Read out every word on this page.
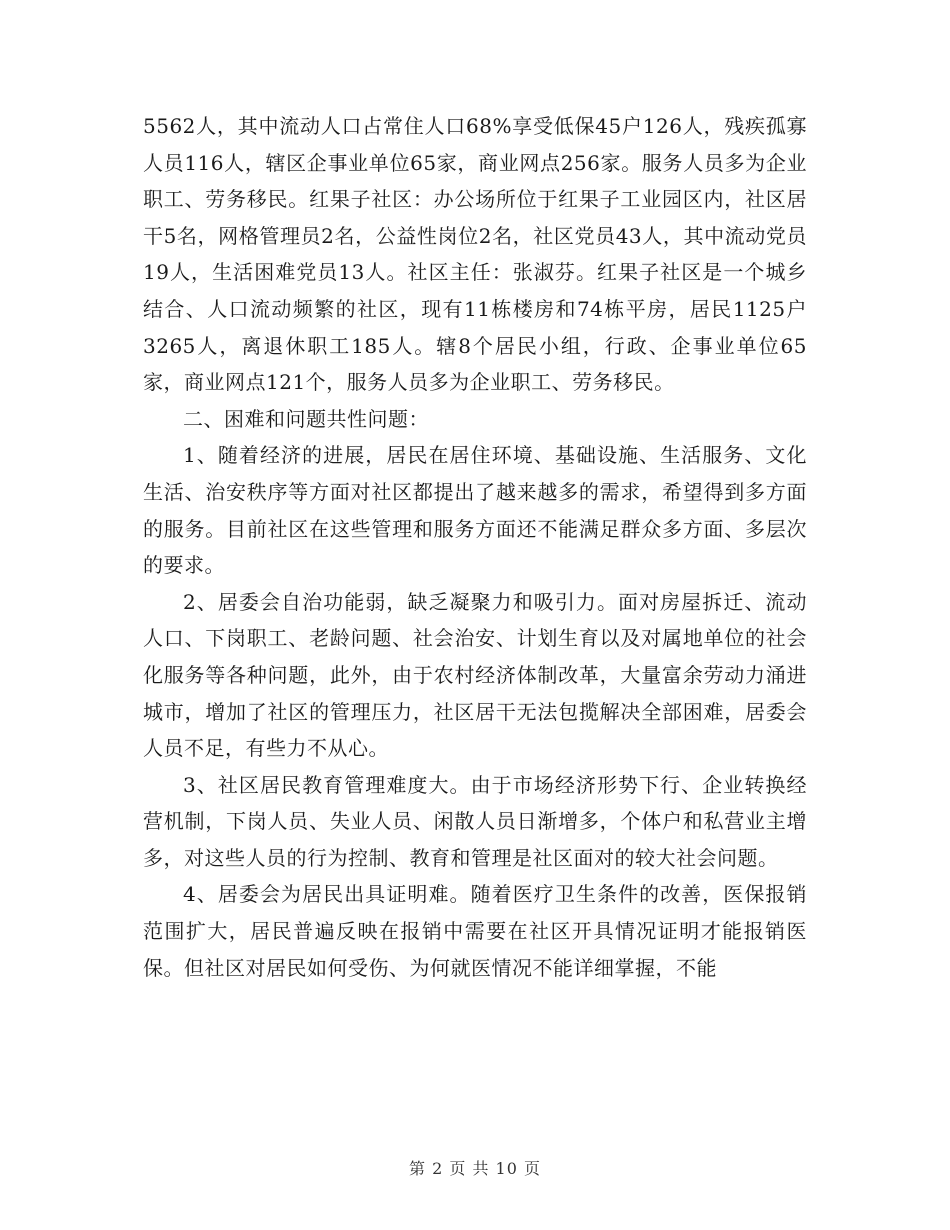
5562人，其中流动人口占常住人口68%享受低保45户126人，残疾孤寡人员116人，辖区企事业单位65家，商业网点256家。服务人员多为企业职工、劳务移民。红果子社区：办公场所位于红果子工业园区内，社区居干5名，网格管理员2名，公益性岗位2名，社区党员43人，其中流动党员19人，生活困难党员13人。社区主任：张淑芬。红果子社区是一个城乡结合、人口流动频繁的社区，现有11栋楼房和74栋平房，居民1125户3265人，离退休职工185人。辖8个居民小组，行政、企事业单位65家，商业网点121个，服务人员多为企业职工、劳务移民。

二、困难和问题共性问题：

1、随着经济的进展，居民在居住环境、基础设施、生活服务、文化生活、治安秩序等方面对社区都提出了越来越多的需求，希望得到多方面的服务。目前社区在这些管理和服务方面还不能满足群众多方面、多层次的要求。

2、居委会自治功能弱，缺乏凝聚力和吸引力。面对房屋拆迁、流动人口、下岗职工、老龄问题、社会治安、计划生育以及对属地单位的社会化服务等各种问题，此外，由于农村经济体制改革，大量富余劳动力涌进城市，增加了社区的管理压力，社区居干无法包揽解决全部困难，居委会人员不足，有些力不从心。

3、社区居民教育管理难度大。由于市场经济形势下行、企业转换经营机制，下岗人员、失业人员、闲散人员日渐增多，个体户和私营业主增多，对这些人员的行为控制、教育和管理是社区面对的较大社会问题。

4、居委会为居民出具证明难。随着医疗卫生条件的改善，医保报销范围扩大，居民普遍反映在报销中需要在社区开具情况证明才能报销医保。但社区对居民如何受伤、为何就医情况不能详细掌握，不能

第 2 页 共 10 页
